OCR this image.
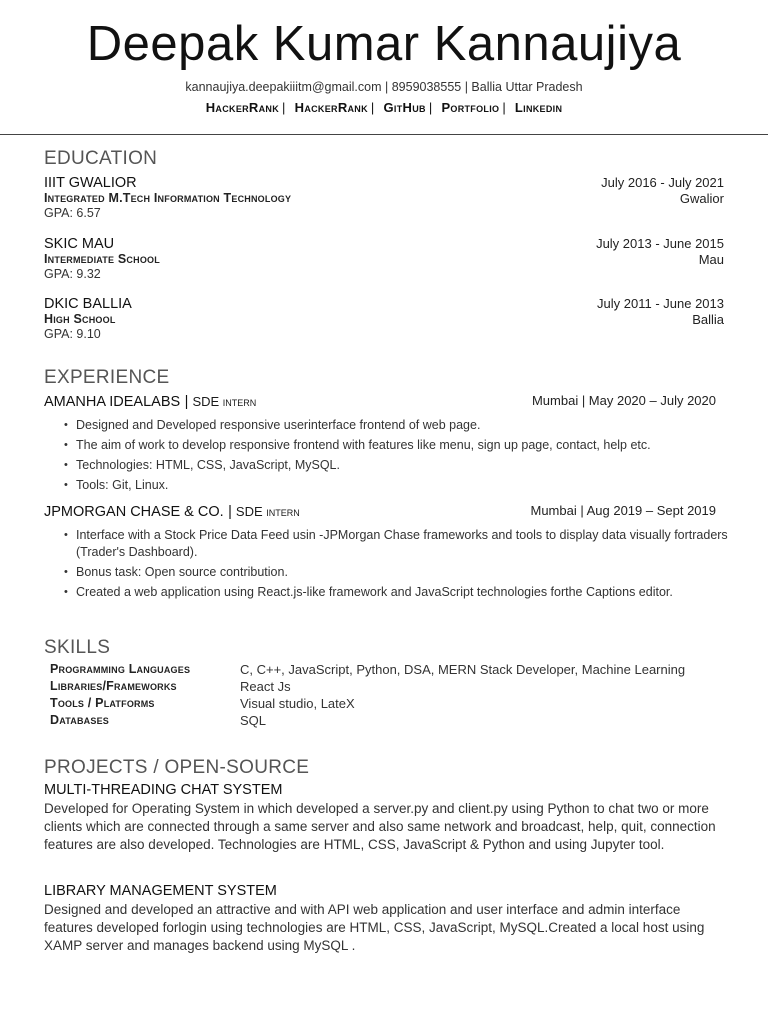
Deepak Kumar Kannaujiya
kannaujiya.deepakiiitm@gmail.com | 8959038555 | Ballia Uttar Pradesh
HackerRank | HackerRank | GitHub | Portfolio | Linkedin
EDUCATION
IIIT GWALIOR	July 2016 - July 2021
Integrated M.Tech Information Technology	Gwalior
GPA: 6.57
SKIC MAU	July 2013 - June 2015
Intermediate School	Mau
GPA: 9.32
DKIC BALLIA	July 2011 - June 2013
High School	Ballia
GPA: 9.10
EXPERIENCE
AMANHA IDEALABS | SDE intern	Mumbai | May 2020 – July 2020
• Designed and Developed responsive userinterface frontend of web page.
• The aim of work to develop responsive frontend with features like menu, sign up page, contact, help etc.
• Technologies: HTML, CSS, JavaScript, MySQL.
• Tools: Git, Linux.
JPMORGAN CHASE & CO. | SDE intern	Mumbai | Aug 2019 – Sept 2019
• Interface with a Stock Price Data Feed usin -JPMorgan Chase frameworks and tools to display data visually fortraders (Trader's Dashboard).
• Bonus task: Open source contribution.
• Created a web application using React.js-like framework and JavaScript technologies forthe Captions editor.
SKILLS
Programming Languages	C, C++, JavaScript, Python, DSA, MERN Stack Developer, Machine Learning
Libraries/Frameworks	React Js
Tools / Platforms	Visual studio, LateX
Databases	SQL
PROJECTS / OPEN-SOURCE
MULTI-THREADING CHAT SYSTEM
Developed for Operating System in which developed a server.py and client.py using Python to chat two or more clients which are connected through a same server and also same network and broadcast, help, quit, connection features are also developed. Technologies are HTML, CSS, JavaScript & Python and using Jupyter tool.
LIBRARY MANAGEMENT SYSTEM
Designed and developed an attractive and with API web application and user interface and admin interface features developed forlogin using technologies are HTML, CSS, JavaScript, MySQL.Created a local host using XAMP server and manages backend using MySQL .
